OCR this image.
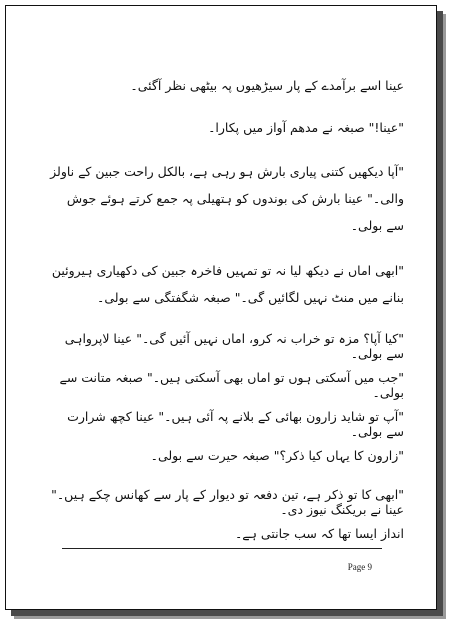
عینا اسے برآمدے کے پار سیڑھیوں پہ بیٹھی نظر آگئی۔

"عینا!" صبغہ نے مدھم آواز میں پکارا۔

"آپا دیکھیں کتنی پیاری بارش ہو رہی ہے، بالکل راحت جبین کے ناولز والی۔" عینا بارش کی بوندوں کو ہتھیلی پہ جمع کرتے ہوئے جوش سے بولی۔

"ابھی اماں نے دیکھ لیا نہ تو تمہیں فاخرہ جبین کی دکھیاری ہیروئین بنانے میں منٹ نہیں لگائیں گی۔" صبغہ شگفتگی سے بولی۔

"کیا آپا؟ مزہ تو خراب نہ کرو، اماں نہیں آئیں گی۔" عینا لاپرواہی سے بولی۔

"جب میں آسکتی ہوں تو اماں بھی آسکتی ہیں۔" صبغہ متانت سے بولی۔

"آپ تو شاید زارون بھائی کے بلانے پہ آئی ہیں۔" عینا کچھ شرارت سے بولی۔

"زارون کا یہاں کیا ذکر؟" صبغہ حیرت سے بولی۔

"ابھی کا تو ذکر ہے، تین دفعہ تو دیوار کے پار سے کھانس چکے ہیں۔" عینا نے بریکنگ نیوز دی۔

انداز ایسا تھا کہ سب جانتی ہے۔

Page 9
